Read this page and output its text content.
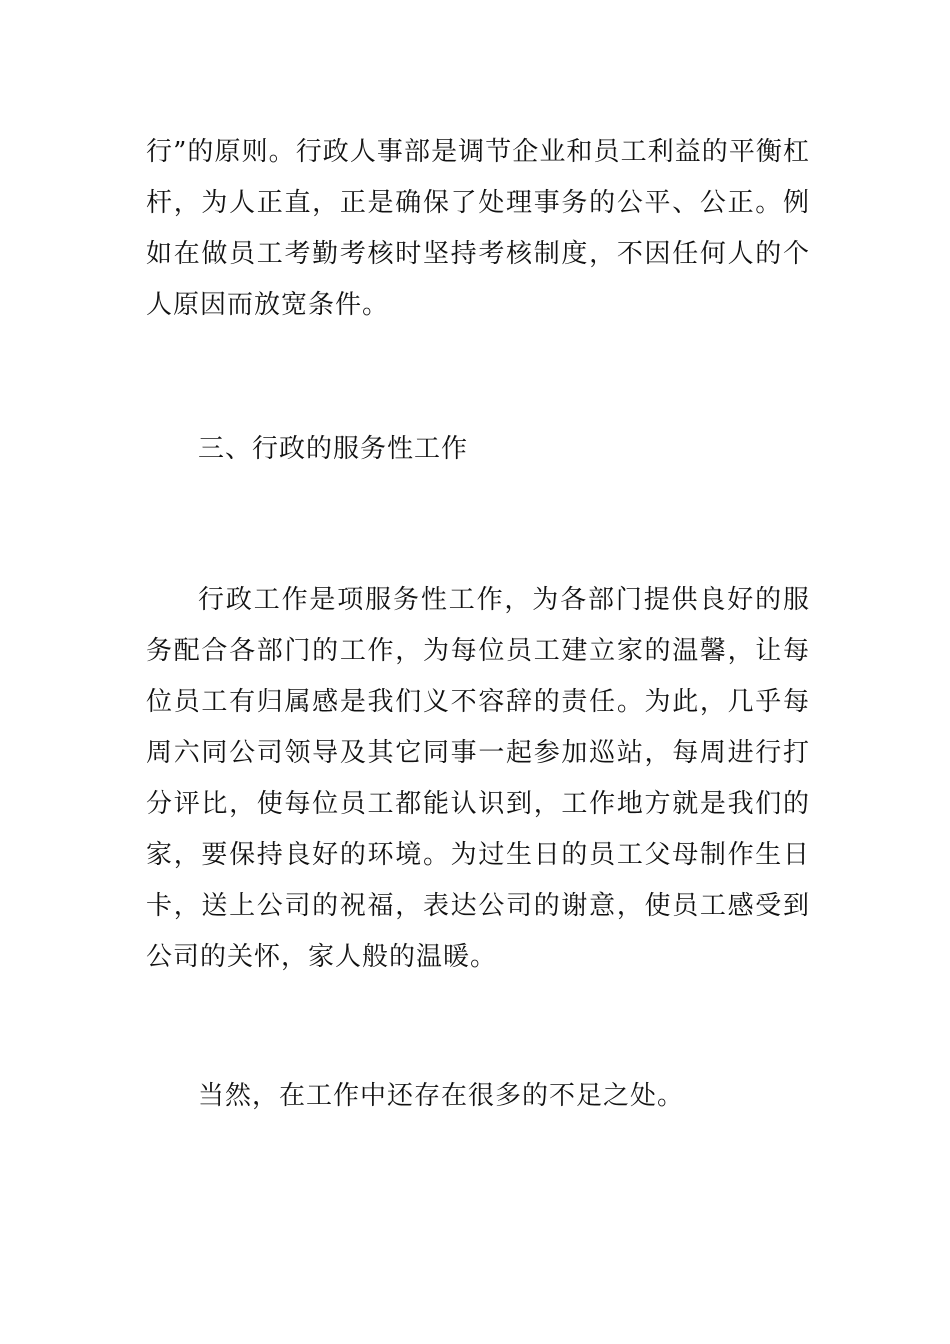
行”的原则。行政人事部是调节企业和员工利益的平衡杠杆，为人正直，正是确保了处理事务的公平、公正。例如在做员工考勤考核时坚持考核制度，不因任何人的个人原因而放宽条件。

三、行政的服务性工作

行政工作是项服务性工作，为各部门提供良好的服务配合各部门的工作，为每位员工建立家的温馨，让每位员工有归属感是我们义不容辞的责任。为此，几乎每周六同公司领导及其它同事一起参加巡站，每周进行打分评比，使每位员工都能认识到，工作地方就是我们的家，要保持良好的环境。为过生日的员工父母制作生日卡，送上公司的祝福，表达公司的谢意，使员工感受到公司的关怀，家人般的温暖。

当然，在工作中还存在很多的不足之处。
